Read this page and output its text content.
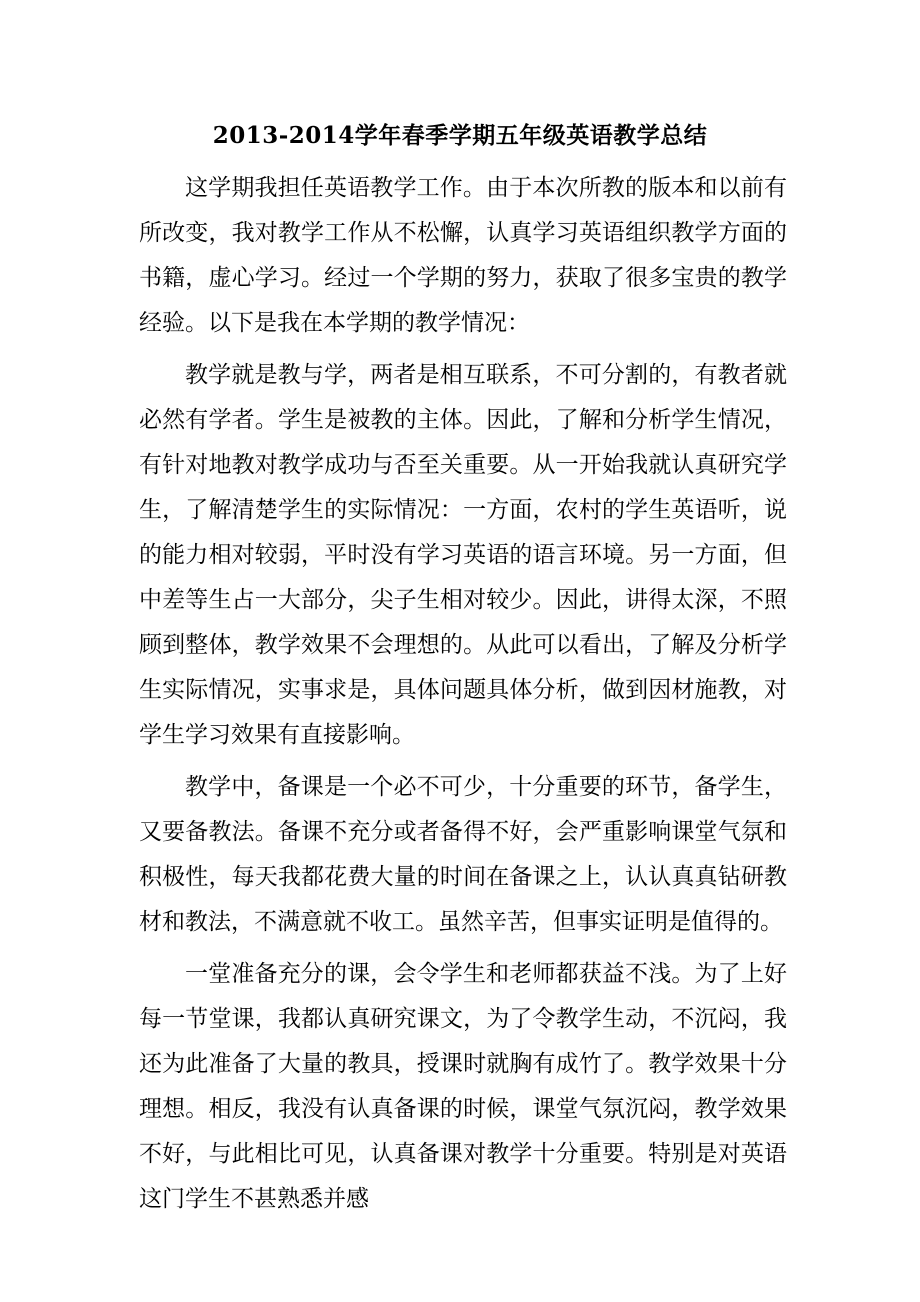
2013-2014学年春季学期五年级英语教学总结

这学期我担任英语教学工作。由于本次所教的版本和以前有所改变，我对教学工作从不松懈，认真学习英语组织教学方面的书籍，虚心学习。经过一个学期的努力，获取了很多宝贵的教学经验。以下是我在本学期的教学情况：

教学就是教与学，两者是相互联系，不可分割的，有教者就必然有学者。学生是被教的主体。因此，了解和分析学生情况，有针对地教对教学成功与否至关重要。从一开始我就认真研究学生，了解清楚学生的实际情况：一方面，农村的学生英语听，说的能力相对较弱，平时没有学习英语的语言环境。另一方面，但中差等生占一大部分，尖子生相对较少。因此，讲得太深，不照顾到整体，教学效果不会理想的。从此可以看出，了解及分析学生实际情况，实事求是，具体问题具体分析，做到因材施教，对学生学习效果有直接影响。

教学中，备课是一个必不可少，十分重要的环节，备学生，又要备教法。备课不充分或者备得不好，会严重影响课堂气氛和积极性，每天我都花费大量的时间在备课之上，认认真真钻研教材和教法，不满意就不收工。虽然辛苦，但事实证明是值得的。

一堂准备充分的课，会令学生和老师都获益不浅。为了上好每一节堂课，我都认真研究课文，为了令教学生动，不沉闷，我还为此准备了大量的教具，授课时就胸有成竹了。教学效果十分理想。相反，我没有认真备课的时候，课堂气氛沉闷，教学效果不好，与此相比可见，认真备课对教学十分重要。特别是对英语这门学生不甚熟悉并感
